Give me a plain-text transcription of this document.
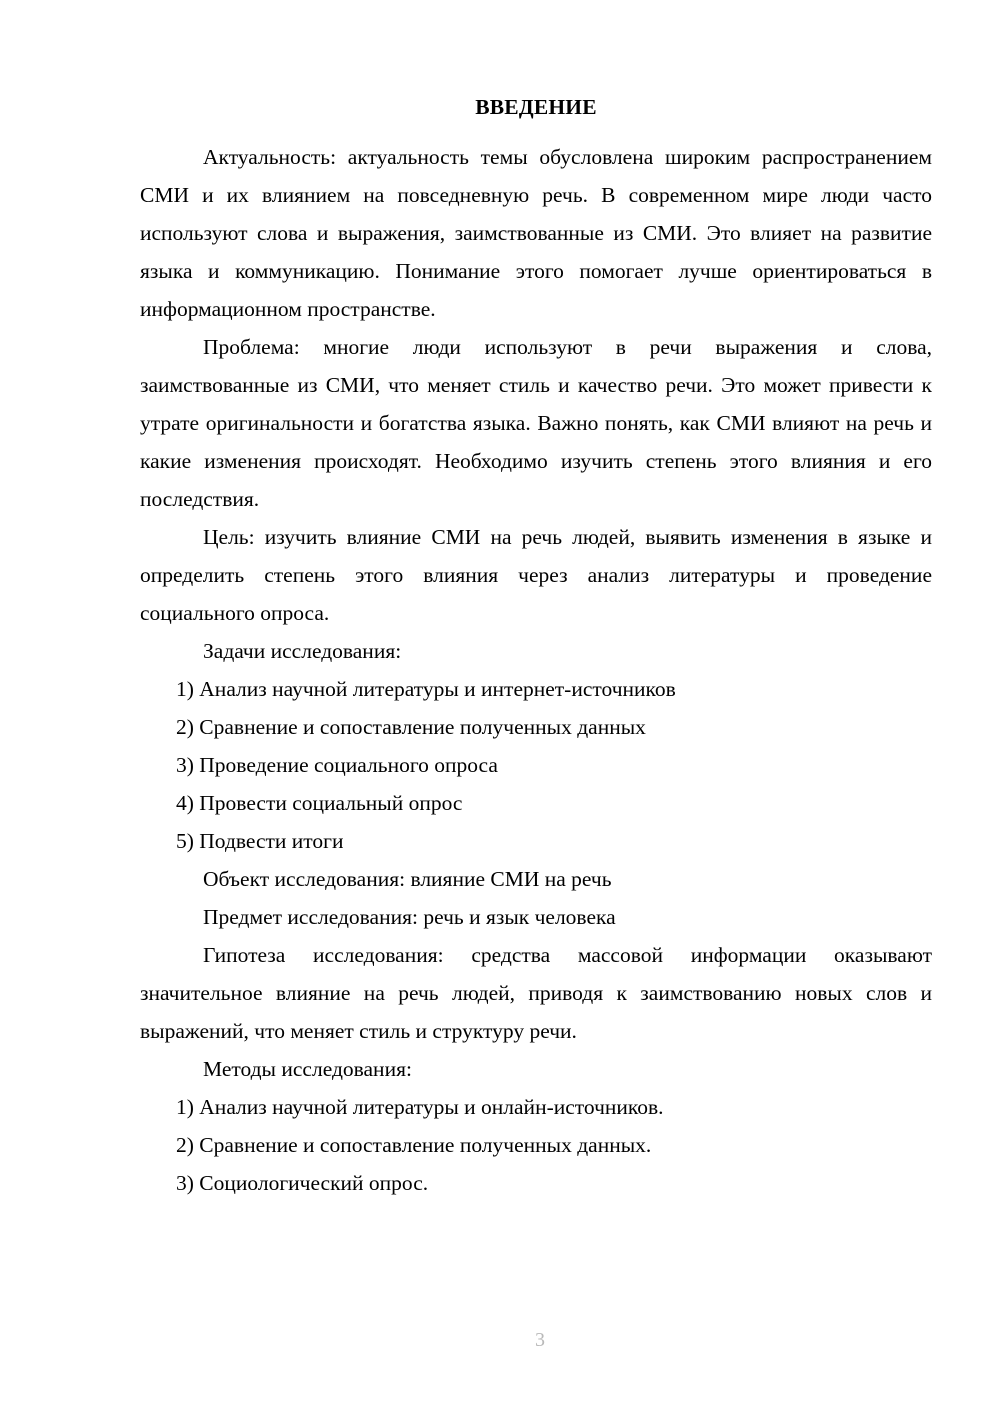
ВВЕДЕНИЕ

Актуальность: актуальность темы обусловлена широким распространением СМИ и их влиянием на повседневную речь. В современном мире люди часто используют слова и выражения, заимствованные из СМИ. Это влияет на развитие языка и коммуникацию. Понимание этого помогает лучше ориентироваться в информационном пространстве.

Проблема: многие люди используют в речи выражения и слова, заимствованные из СМИ, что меняет стиль и качество речи. Это может привести к утрате оригинальности и богатства языка. Важно понять, как СМИ влияют на речь и какие изменения происходят. Необходимо изучить степень этого влияния и его последствия.

Цель: изучить влияние СМИ на речь людей, выявить изменения в языке и определить степень этого влияния через анализ литературы и проведение социального опроса.

Задачи исследования:

1) Анализ научной литературы и интернет-источников

2) Сравнение и сопоставление полученных данных

3) Проведение социального опроса

4) Провести социальный опрос

5) Подвести итоги

Объект исследования: влияние СМИ на речь

Предмет исследования: речь и язык человека

Гипотеза исследования: средства массовой информации оказывают значительное влияние на речь людей, приводя к заимствованию новых слов и выражений, что меняет стиль и структуру речи.

Методы исследования:

1) Анализ научной литературы и онлайн-источников.

2) Сравнение и сопоставление полученных данных.

3) Социологический опрос.

3
